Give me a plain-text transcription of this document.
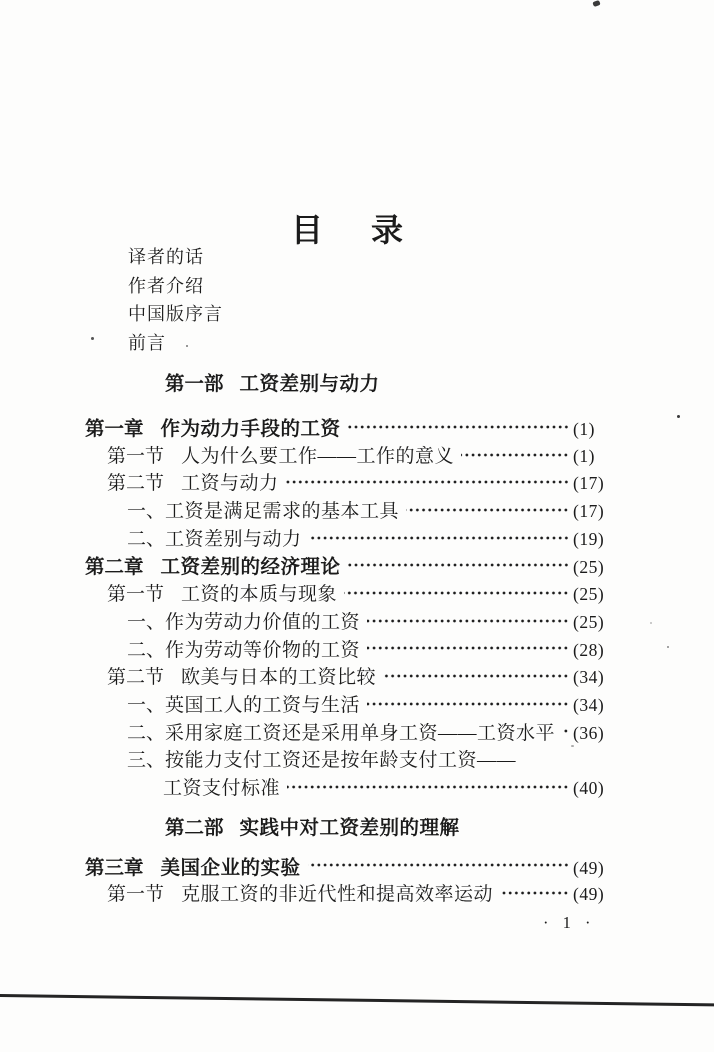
目　录
译者的话
作者介绍
中国版序言
前言
第一部 工资差别与动力
第一章 作为动力手段的工资	(1)
第一节 人为什么要工作——工作的意义	(1)
第二节 工资与动力	(17)
一、 工资是满足需求的基本工具	(17)
二、 工资差别与动力	(19)
第二章 工资差别的经济理论	(25)
第一节 工资的本质与现象	(25)
一、 作为劳动力价值的工资	(25)
二、 作为劳动等价物的工资	(28)
第二节 欧美与日本的工资比较	(34)
一、 英国工人的工资与生活	(34)
二、 采用家庭工资还是采用单身工资——工资水平 (36)
三、 按能力支付工资还是按年龄支付工资——
工资支付标准	(40)
第二部 实践中对工资差别的理解
第三章 美国企业的实验	(49)
第一节 克服工资的非近代性和提高效率运动	(49)
· 1 ·
